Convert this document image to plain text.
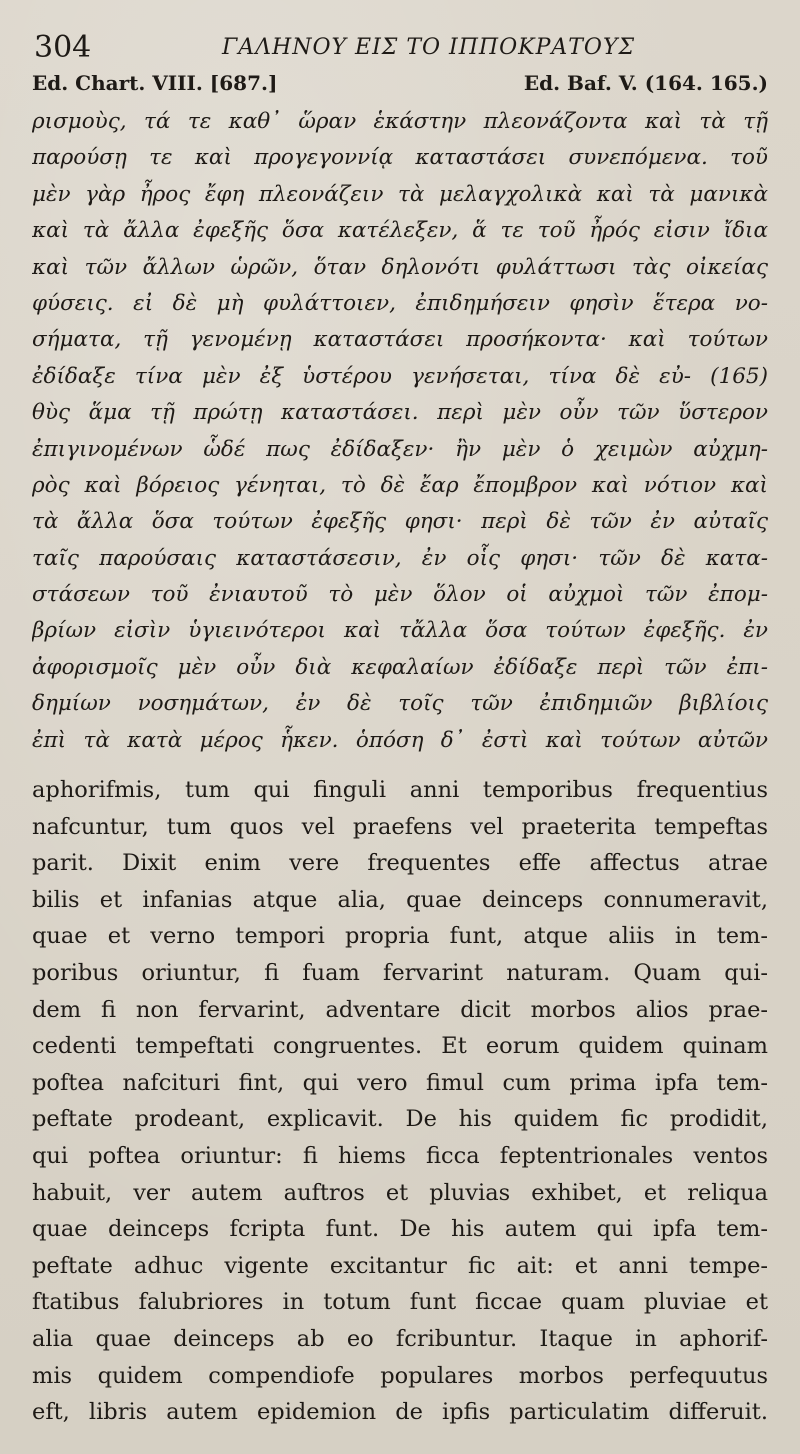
304	ΓΑΛΗΝΟΥ ΕΙΣ ΤΟ ΙΠΠΟΚΡΑΤΟΥΣ
Ed. Chart. VIII. [687.]	Ed. Baf. V. (164. 165.)
ρισμοὺς, τά τε καθ᾽ ὥραν ἑκάστην πλεονάζοντα καὶ τὰ τῇ
παρούσῃ τε καὶ προγεγοννίᾳ καταστάσει συνεπόμενα. τοῦ
μὲν γὰρ ἦρος ἔφη πλεονάζειν τὰ μελαγχολικὰ καὶ τὰ μανικὰ
καὶ τὰ ἄλλα ἐφεξῆς ὅσα κατέλεξεν, ἅ τε τοῦ ἦρός εἰσιν ἴδια
καὶ τῶν ἄλλων ὡρῶν, ὅταν δηλονότι φυλάττωσι τὰς οἰκείας
φύσεις. εἰ δὲ μὴ φυλάττοιεν, ἐπιδημήσειν φησὶν ἕτερα νο-
σήματα, τῇ γενομένῃ καταστάσει προσήκοντα· καὶ τούτων
ἐδίδαξε τίνα μὲν ἐξ ὑστέρου γενήσεται, τίνα δὲ εὐ- (165)
θὺς ἅμα τῇ πρώτῃ καταστάσει. περὶ μὲν οὖν τῶν ὕστερον
ἐπιγινομένων ὧδέ πως ἐδίδαξεν· ἢν μὲν ὁ χειμὼν αὐχμη-
ρὸς καὶ βόρειος γένηται, τὸ δὲ ἔαρ ἔπομβρον καὶ νότιον καὶ
τὰ ἄλλα ὅσα τούτων ἐφεξῆς φησι· περὶ δὲ τῶν ἐν αὐταῖς
ταῖς παρούσαις καταστάσεσιν, ἐν οἷς φησι· τῶν δὲ κατα-
στάσεων τοῦ ἐνιαυτοῦ τὸ μὲν ὅλον οἱ αὐχμοὶ τῶν ἐπομ-
βρίων εἰσὶν ὑγιεινότεροι καὶ τἄλλα ὅσα τούτων ἐφεξῆς. ἐν
ἀφορισμοῖς μὲν οὖν διὰ κεφαλαίων ἐδίδαξε περὶ τῶν ἐπι-
δημίων νοσημάτων, ἐν δὲ τοῖς τῶν ἐπιδημιῶν βιβλίοις
ἐπὶ τὰ κατὰ μέρος ἧκεν. ὁπόση δ᾽ ἐστὶ καὶ τούτων αὐτῶν
aphorifmis, tum qui finguli anni temporibus frequentius
nafcuntur, tum quos vel praefens vel praeterita tempeftas
parit. Dixit enim vere frequentes effe affectus atrae
bilis et infanias atque alia, quae deinceps connumeravit,
quae et verno tempori propria funt, atque aliis in tem-
poribus oriuntur, fi fuam fervarint naturam. Quam qui-
dem fi non fervarint, adventare dicit morbos alios prae-
cedenti tempeftati congruentes. Et eorum quidem quinam
poftea nafcituri fint, qui vero fimul cum prima ipfa tem-
peftate prodeant, explicavit. De his quidem fic prodidit,
qui poftea oriuntur: fi hiems ficca feptentrionales ventos
habuit, ver autem auftros et pluvias exhibet, et reliqua
quae deinceps fcripta funt. De his autem qui ipfa tem-
peftate adhuc vigente excitantur fic ait: et anni tempe-
ftatibus falubriores in totum funt ficcae quam pluviae et
alia quae deinceps ab eo fcribuntur. Itaque in aphorif-
mis quidem compendiofe populares morbos perfequutus
eft, libris autem epidemion de ipfis particulatim differuit.
